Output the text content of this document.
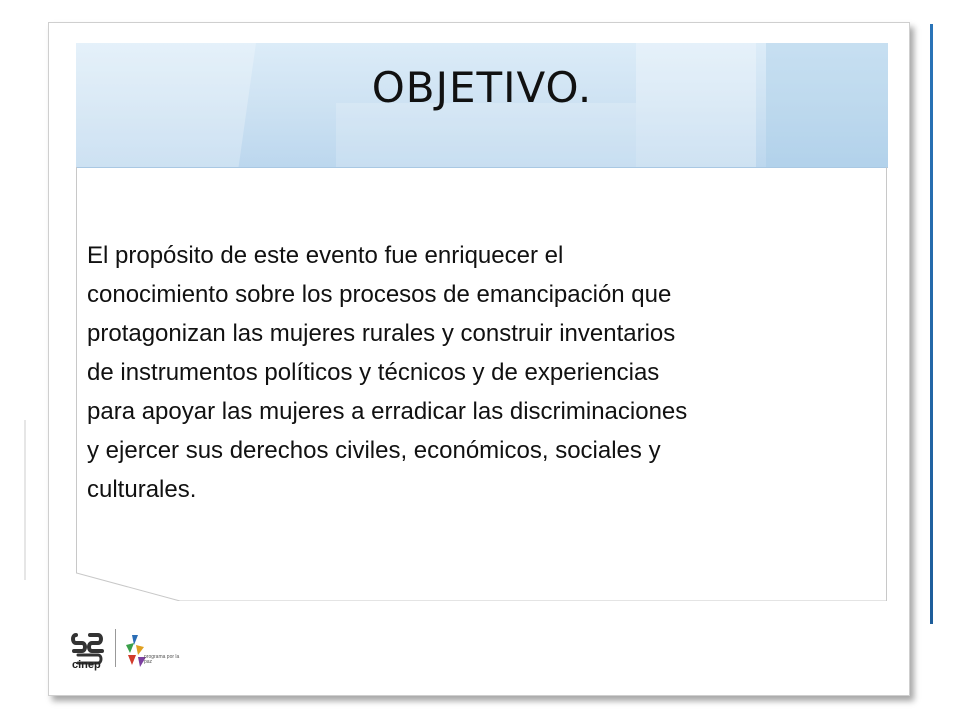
OBJETIVO.
El propósito de este evento fue enriquecer el
conocimiento sobre los procesos de emancipación que
protagonizan las mujeres rurales y construir inventarios
de instrumentos políticos y técnicos y de experiencias
para apoyar las mujeres a erradicar las discriminaciones
y ejercer sus derechos civiles, económicos, sociales y
culturales.
cinep
programa por la paz
